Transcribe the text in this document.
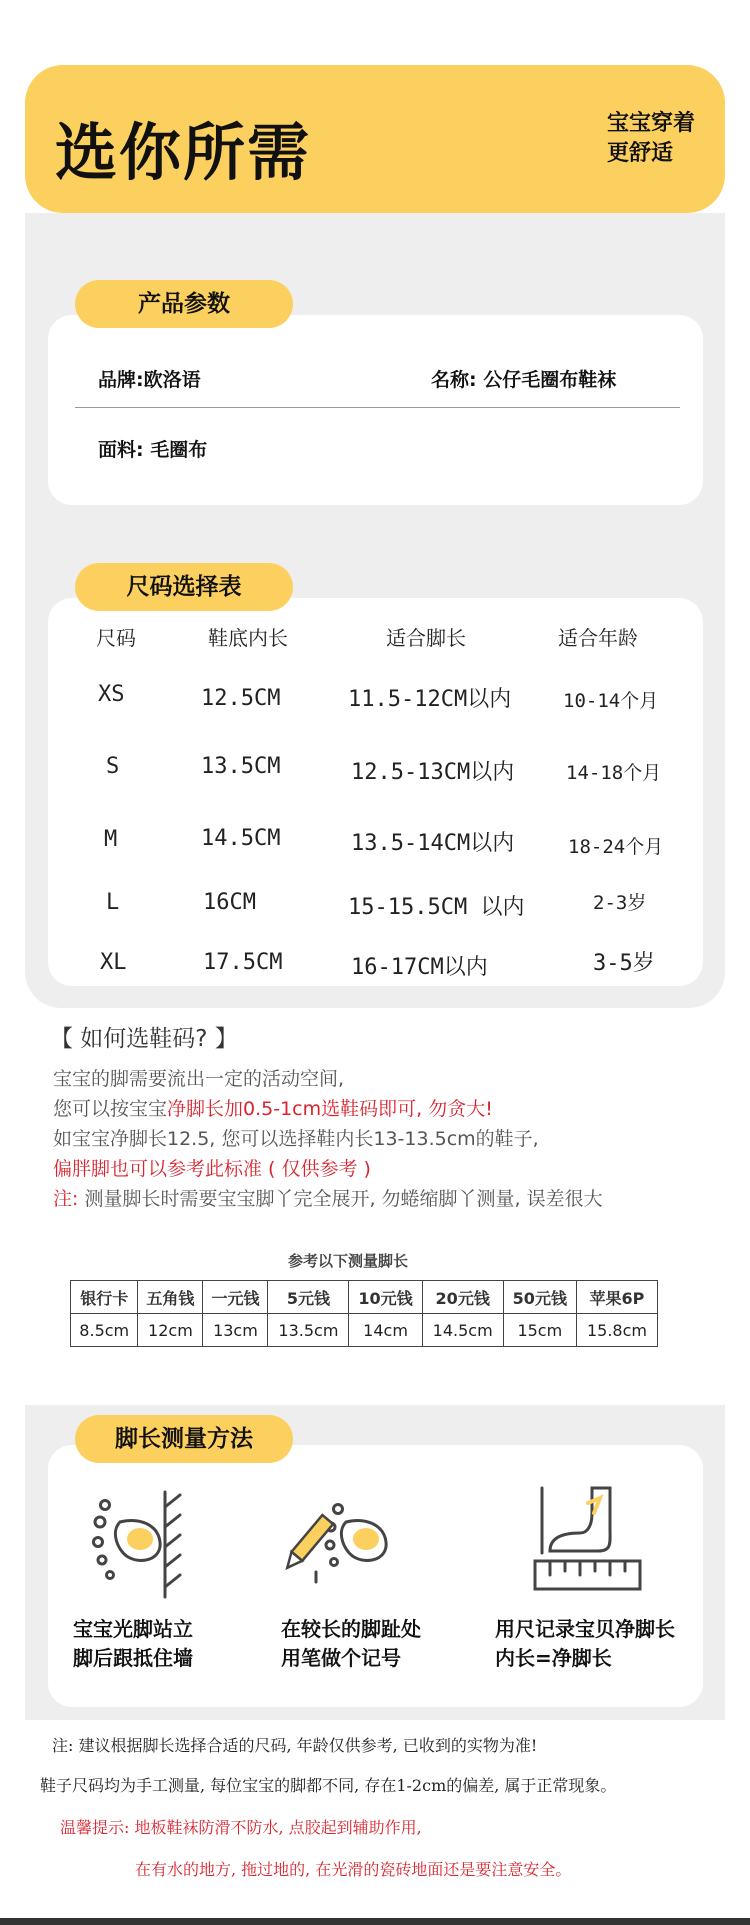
选你所需	宝宝穿着
更舒适
品牌:欧洛语	名称: 公仔毛圈布鞋袜
面料: 毛圈布
产品参数
尺码	鞋底内长	适合脚长	适合年龄
XS	12.5CM	11.5-12CM以内	10-14个月
S	13.5CM	12.5-13CM以内	14-18个月
M	14.5CM	13.5-14CM以内	18-24个月
L	16CM	15-15.5CM 以内	2-3岁
XL	17.5CM	16-17CM以内	3-5岁
尺码选择表
【 如何选鞋码? 】
宝宝的脚需要流出一定的活动空间,
您可以按宝宝净脚长加0.5-1cm选鞋码即可, 勿贪大!
如宝宝净脚长12.5, 您可以选择鞋内长13-13.5cm的鞋子,
偏胖脚也可以参考此标准 ( 仅供参考 )
注: 测量脚长时需要宝宝脚丫完全展开, 勿蜷缩脚丫测量, 误差很大
参考以下测量脚长
银行卡	五角钱	一元钱	5元钱	10元钱	20元钱	50元钱	苹果6P
8.5cm	12cm	13cm	13.5cm	14cm	14.5cm	15cm	15.8cm
宝宝光脚站立
脚后跟抵住墙
在较长的脚趾处
用笔做个记号
用尺记录宝贝净脚长
内长=净脚长
脚长测量方法
注: 建议根据脚长选择合适的尺码, 年龄仅供参考, 已收到的实物为准!
鞋子尺码均为手工测量, 每位宝宝的脚都不同, 存在1-2cm的偏差, 属于正常现象。
温馨提示: 地板鞋袜防滑不防水, 点胶起到辅助作用,
在有水的地方, 拖过地的, 在光滑的瓷砖地面还是要注意安全。
